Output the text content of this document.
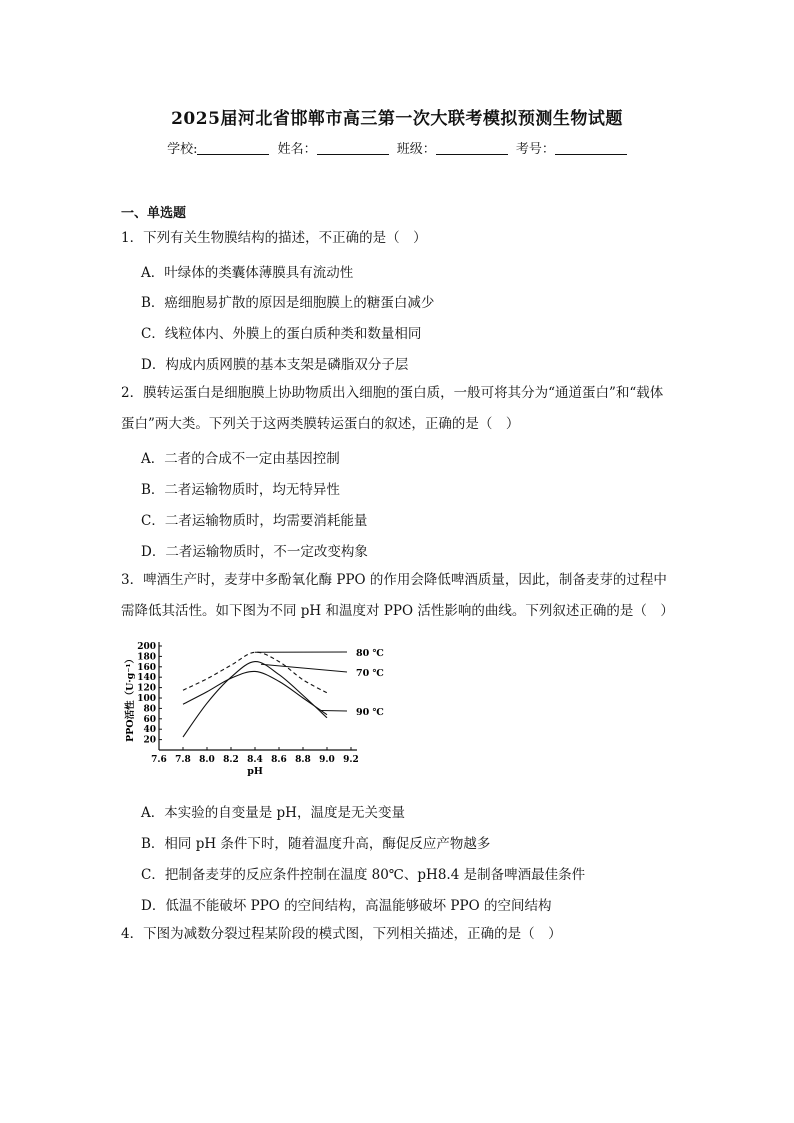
2025届河北省邯郸市高三第一次大联考模拟预测生物试题
学校:	姓名：	班级：	考号：
一、单选题
1．下列有关生物膜结构的描述，不正确的是（　）
A．叶绿体的类囊体薄膜具有流动性
B．癌细胞易扩散的原因是细胞膜上的糖蛋白减少
C．线粒体内、外膜上的蛋白质种类和数量相同
D．构成内质网膜的基本支架是磷脂双分子层
2．膜转运蛋白是细胞膜上协助物质出入细胞的蛋白质，一般可将其分为“通道蛋白”和“载体
蛋白”两大类。下列关于这两类膜转运蛋白的叙述，正确的是（　）
A．二者的合成不一定由基因控制
B．二者运输物质时，均无特异性
C．二者运输物质时，均需要消耗能量
D．二者运输物质时，不一定改变构象
3．啤酒生产时，麦芽中多酚氧化酶 PPO 的作用会降低啤酒质量，因此，制备麦芽的过程中
需降低其活性。如下图为不同 pH 和温度对 PPO 活性影响的曲线。下列叙述正确的是（　）
7.6 7.8 8.0 8.2 8.4 8.6 8.8 9.0 9.2
20
40
60
80
100
120
140
160
180
200
pH
PPO活性（U·g⁻¹）
80 ℃
70 ℃
90 ℃
A．本实验的自变量是 pH，温度是无关变量
B．相同 pH 条件下时，随着温度升高，酶促反应产物越多
C．把制备麦芽的反应条件控制在温度 80℃、pH8.4 是制备啤酒最佳条件
D．低温不能破坏 PPO 的空间结构，高温能够破坏 PPO 的空间结构
4．下图为减数分裂过程某阶段的模式图，下列相关描述，正确的是（　）
